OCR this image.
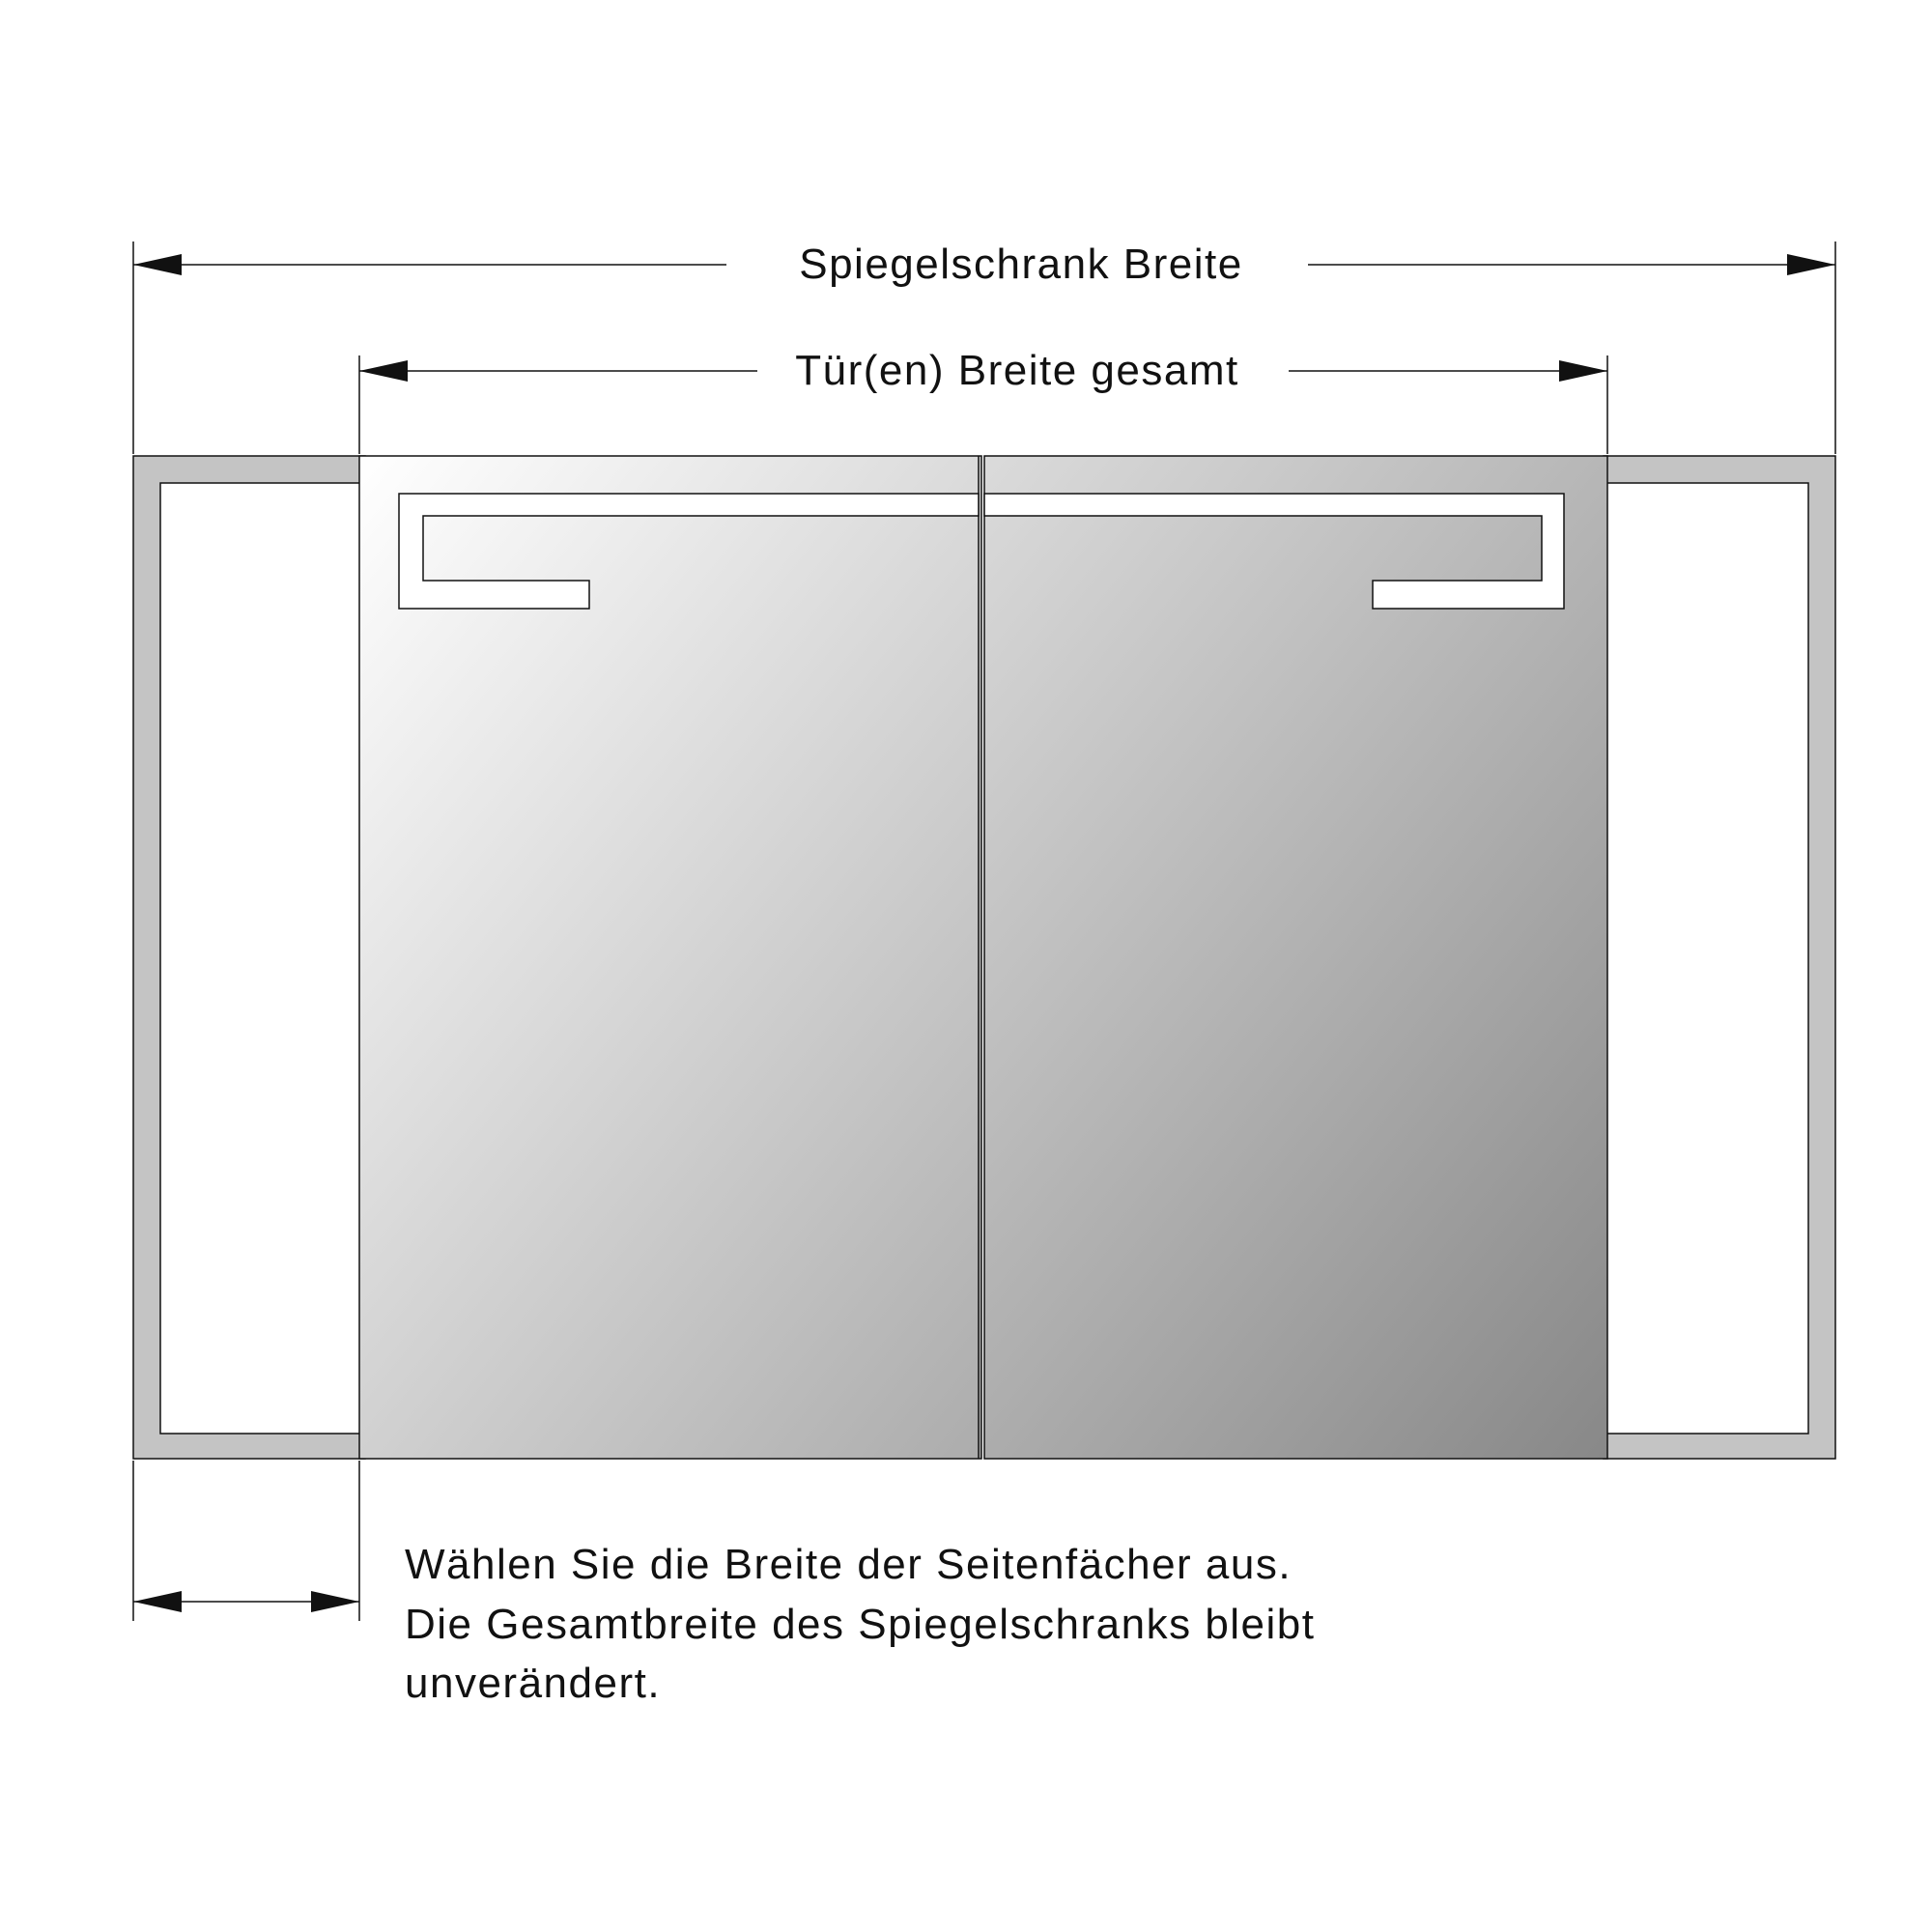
Spiegelschrank Breite
Tür(en) Breite gesamt
Wählen Sie die Breite der Seitenfächer aus.
Die Gesamtbreite des Spiegelschranks bleibt
unverändert.
